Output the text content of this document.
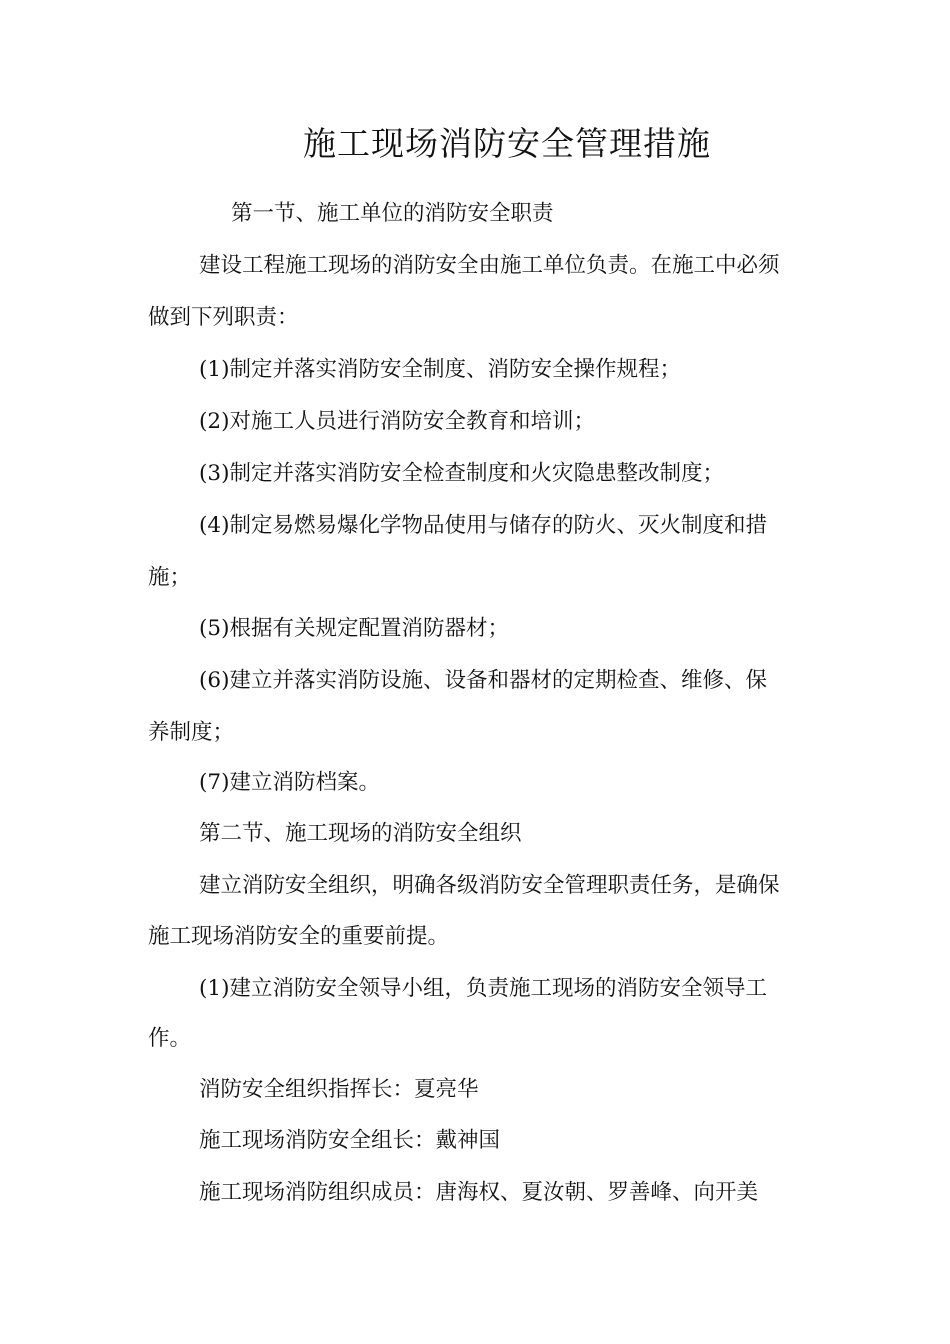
施工现场消防安全管理措施

第一节、施工单位的消防安全职责

建设工程施工现场的消防安全由施工单位负责。在施工中必须

做到下列职责：

(1)制定并落实消防安全制度、消防安全操作规程；

(2)对施工人员进行消防安全教育和培训；

(3)制定并落实消防安全检查制度和火灾隐患整改制度；

(4)制定易燃易爆化学物品使用与储存的防火、灭火制度和措

施；

(5)根据有关规定配置消防器材；

(6)建立并落实消防设施、设备和器材的定期检查、维修、保

养制度；

(7)建立消防档案。

第二节、施工现场的消防安全组织

建立消防安全组织，明确各级消防安全管理职责任务，是确保

施工现场消防安全的重要前提。

(1)建立消防安全领导小组，负责施工现场的消防安全领导工

作。

消防安全组织指挥长：夏亮华

施工现场消防安全组长：戴神国

施工现场消防组织成员：唐海权、夏汝朝、罗善峰、向开美
